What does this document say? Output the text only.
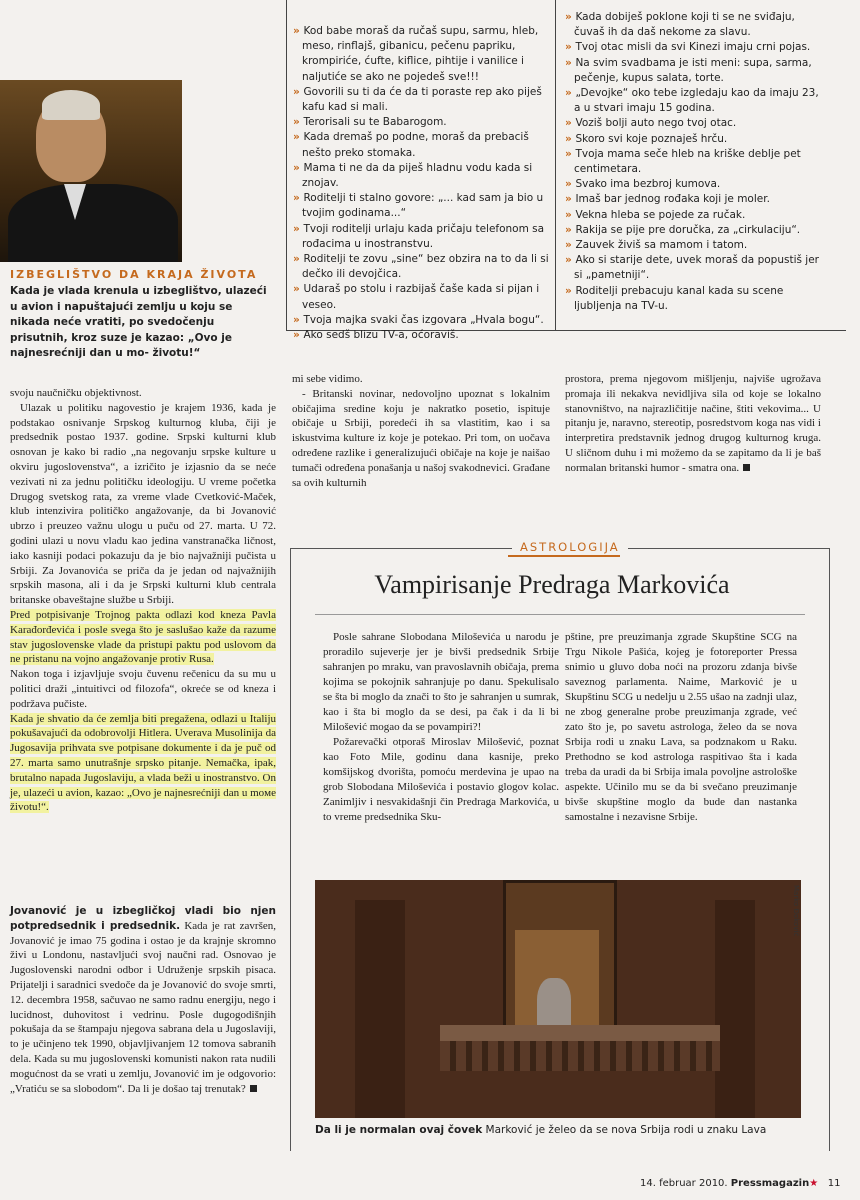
IZBEGLIŠTVO DA KRAJA ŽIVOTA
Kada je vlada krenula u izbeglištvo, ulazeći u avion i napuštajući zemlju u koju se nikada neće vratiti, po svedočenju prisutnih, kroz suze je kazao: „Ovo je najnesrećniji dan u mo- životu!“

» Kod babe moraš da ručaš supu, sarmu, hleb, meso, rinflajš, gibanicu, pečenu papriku, krompiriće, ćufte, kiflice, pihtije i vanilice i naljutiće se ako ne pojedeš sve!!!

» Govorili su ti da će da ti poraste rep ako piješ kafu kad si mali.

» Terorisali su te Babarogom.

» Kada dremaš po podne, moraš da prebaciš nešto preko stomaka.

» Mama ti ne da da piješ hladnu vodu kada si znojav.

» Roditelji ti stalno govore: „... kad sam ja bio u tvojim godinama...“

» Tvoji roditelji urlaju kada pričaju telefonom sa rođacima u inostranstvu.

» Roditelji te zovu „sine“ bez obzira na to da li si dečko ili devojčica.

» Udaraš po stolu i razbijaš čaše kada si pijan i veseo.

» Tvoja majka svaki čas izgovara „Hvala bogu“.

» Ako sedš blizu TV-a, oćoraviš.

» Kada dobiješ poklone koji ti se ne sviđaju, čuvaš ih da daš nekome za slavu.

» Tvoj otac misli da svi Kinezi imaju crni pojas.

» Na svim svadbama je isti meni: supa, sarma, pečenje, kupus salata, torte.

» „Devojke“ oko tebe izgledaju kao da imaju 23, a u stvari imaju 15 godina.

» Voziš bolji auto nego tvoj otac.

» Skoro svi koje poznaješ hrču.

» Tvoja mama seče hleb na kriške deblje pet centimetara.

» Svako ima bezbroj kumova.

» Imaš bar jednog rođaka koji je moler.

» Vekna hleba se pojede za ručak.

» Rakija se pije pre doručka, za „cirkulaciju“.

» Zauvek živiš sa mamom i tatom.

» Ako si starije dete, uvek moraš da popustiš jer si „pametniji“.

» Roditelji prebacuju kanal kada su scene ljubljenja na TV-u.

svoju naučničku objektivnost.

Ulazak u politiku nagovestio je krajem 1936, kada je podstakao osnivanje Srpskog kulturnog kluba, čiji je predsednik postao 1937. godine. Srpski kulturni klub osnovan je kako bi radio „na negovanju srpske kulture u okviru jugoslovenstva“, a izričito je izjasnio da se neće vezivati ni za jednu političku ideologiju. U vreme početka Drugog svetskog rata, za vreme vlade Cvetković-Maček, klub intenzivira političko angažovanje, da bi Jovanović ubrzo i preuzeo važnu ulogu u puču od 27. marta. U 72. godini ulazi u novu vladu kao jedina vanstranačka ličnost, iako kasniji podaci pokazuju da je bio najvažniji pučista u Srbiji. Za Jovanovića se priča da je jedan od najvažnijih srpskih masona, ali i da je Srpski kulturni klub centrala britanske obaveštajne službe u Srbiji.

Pred potpisivanje Trojnog pakta odlazi kod kneza Pavla Karađorđevića i posle svega što je saslušao kaže da razume stav jugoslovenske vlade da pristupi paktu pod uslovom da ne pristanu na vojno angažovanje protiv Rusa.

Nakon toga i izjavljuje svoju čuvenu rečenicu da su mu u politici draži „intuitivci od filozofa“, okreće se od kneza i podržava pučiste.

Kada je shvatio da će zemlja biti pregažena, odlazi u Italiju pokušavajući da odobrovolji Hitlera. Uverava Musolinija da Jugosavija prihvata sve potpisane dokumente i da je puč od 27. marta samo unutrašnje srpsko pitanje. Nemačka, ipak, brutalno napada Jugoslaviju, a vlada beži u inostranstvo. On je, ulazeći u avion, kazao: „Ovo je najnesrećniji dan u moме životu!“.

Jovanović je u izbegličkoj vladi bio njen potpredsednik i predsednik. Kada je rat završen, Jovanović je imao 75 godina i ostao je da krajnje skromno živi u Londonu, nastavljući svoj naučni rad. Osnovao je Jugoslovenski narodni odbor i Udruženje srpskih pisaca. Prijatelji i saradnici svedoče da je Jovanović do svoje smrti, 12. decembra 1958, sačuvao ne samo radnu energiju, nego i lucidnost, duhovitost i vedrinu. Posle dugogodišnjih pokušaja da se štampaju njegova sabrana dela u Jugoslaviji, to je učinjeno tek 1990, objavljivanjem 12 tomova sabranih dela. Kada su mu jugoslovenski komunisti nakon rata nudili mogućnost da se vrati u zemlju, Jovanović im je odgovorio: „Vratiću se sa slobodom“. Da li je došao taj trenutak?

mi sebe vidimo.

- Britanski novinar, nedovoljno upoznat s lokalnim običajima sredine koju je nakratko posetio, ispituje običaje u Srbiji, poredeći ih sa vlastitim, kao i sa iskustvima kulture iz koje je potekao. Pri tom, on uočava određene razlike i generalizujući običaje na koje je naišao tumači određena ponašanja u našoj svakodnevici. Građane sa ovih kulturnih

prostora, prema njegovom mišljenju, najviše ugrožava promaja ili nekakva nevidljiva sila od koje se lokalno stanovništvo, na najrazličitije načine, štiti vekovima... U pitanju je, naravno, stereotip, posredstvom koga nas vidi i interpretira predstavnik jednog drugog kulturnog kruga. U sličnom duhu i mi možemo da se zapitamo da li je baš normalan britanski humor - smatra ona.

ASTROLOGIJA
Vampirisanje Predraga Markovića

Posle sahrane Slobodana Miloševića u narodu je proradilo sujeverje jer je bivši predsednik Srbije sahranjen po mraku, van pravoslavnih običaja, prema kojima se pokojnik sahranjuje po danu. Spekulisalo se šta bi moglo da znači to što je sahranjen u sumrak, kao i šta bi moglo da se desi, pa čak i da li bi Milošević mogao da se povampiri?!

Požarevački otporaš Miroslav Milošević, poznat kao Foto Mile, godinu dana kasnije, preko komšijskog dvorišta, pomoću merdevina je upao na grob Slobodana Miloševića i postavio glogov kolac. Zanimljiv i nesvakidašnji čin Predraga Markovića, u to vreme predsednika Sku-

pštine, pre preuzimanja zgrade Skupštine SCG na Trgu Nikole Pašića, kojeg je fotoreporter Pressa snimio u gluvo doba noći na prozoru zdanja bivše saveznog parlamenta. Naime, Marković je u Skupštinu SCG u nedelju u 2.55 ušao na zadnji ulaz, ne zbog generalne probe preuzimanja zgrade, već zato što je, po savetu astrologa, želeo da se nova Srbija rodi u znaku Lava, sa podznakom u Raku. Prethodno se kod astrologa raspitivao šta i kada treba da uradi da bi Srbija imala povoljne astrološke aspekte. Učinilo mu se da bi svečano preuzimanje bivše skupštine moglo da bude dan nastanka samostalne i nezavisne Srbije.

Marko Đoković
Da li je normalan ovaj čovek Marković je želeo da se nova Srbija rodi u znaku Lava
14. februar 2010. Pressmagazin★ 11
